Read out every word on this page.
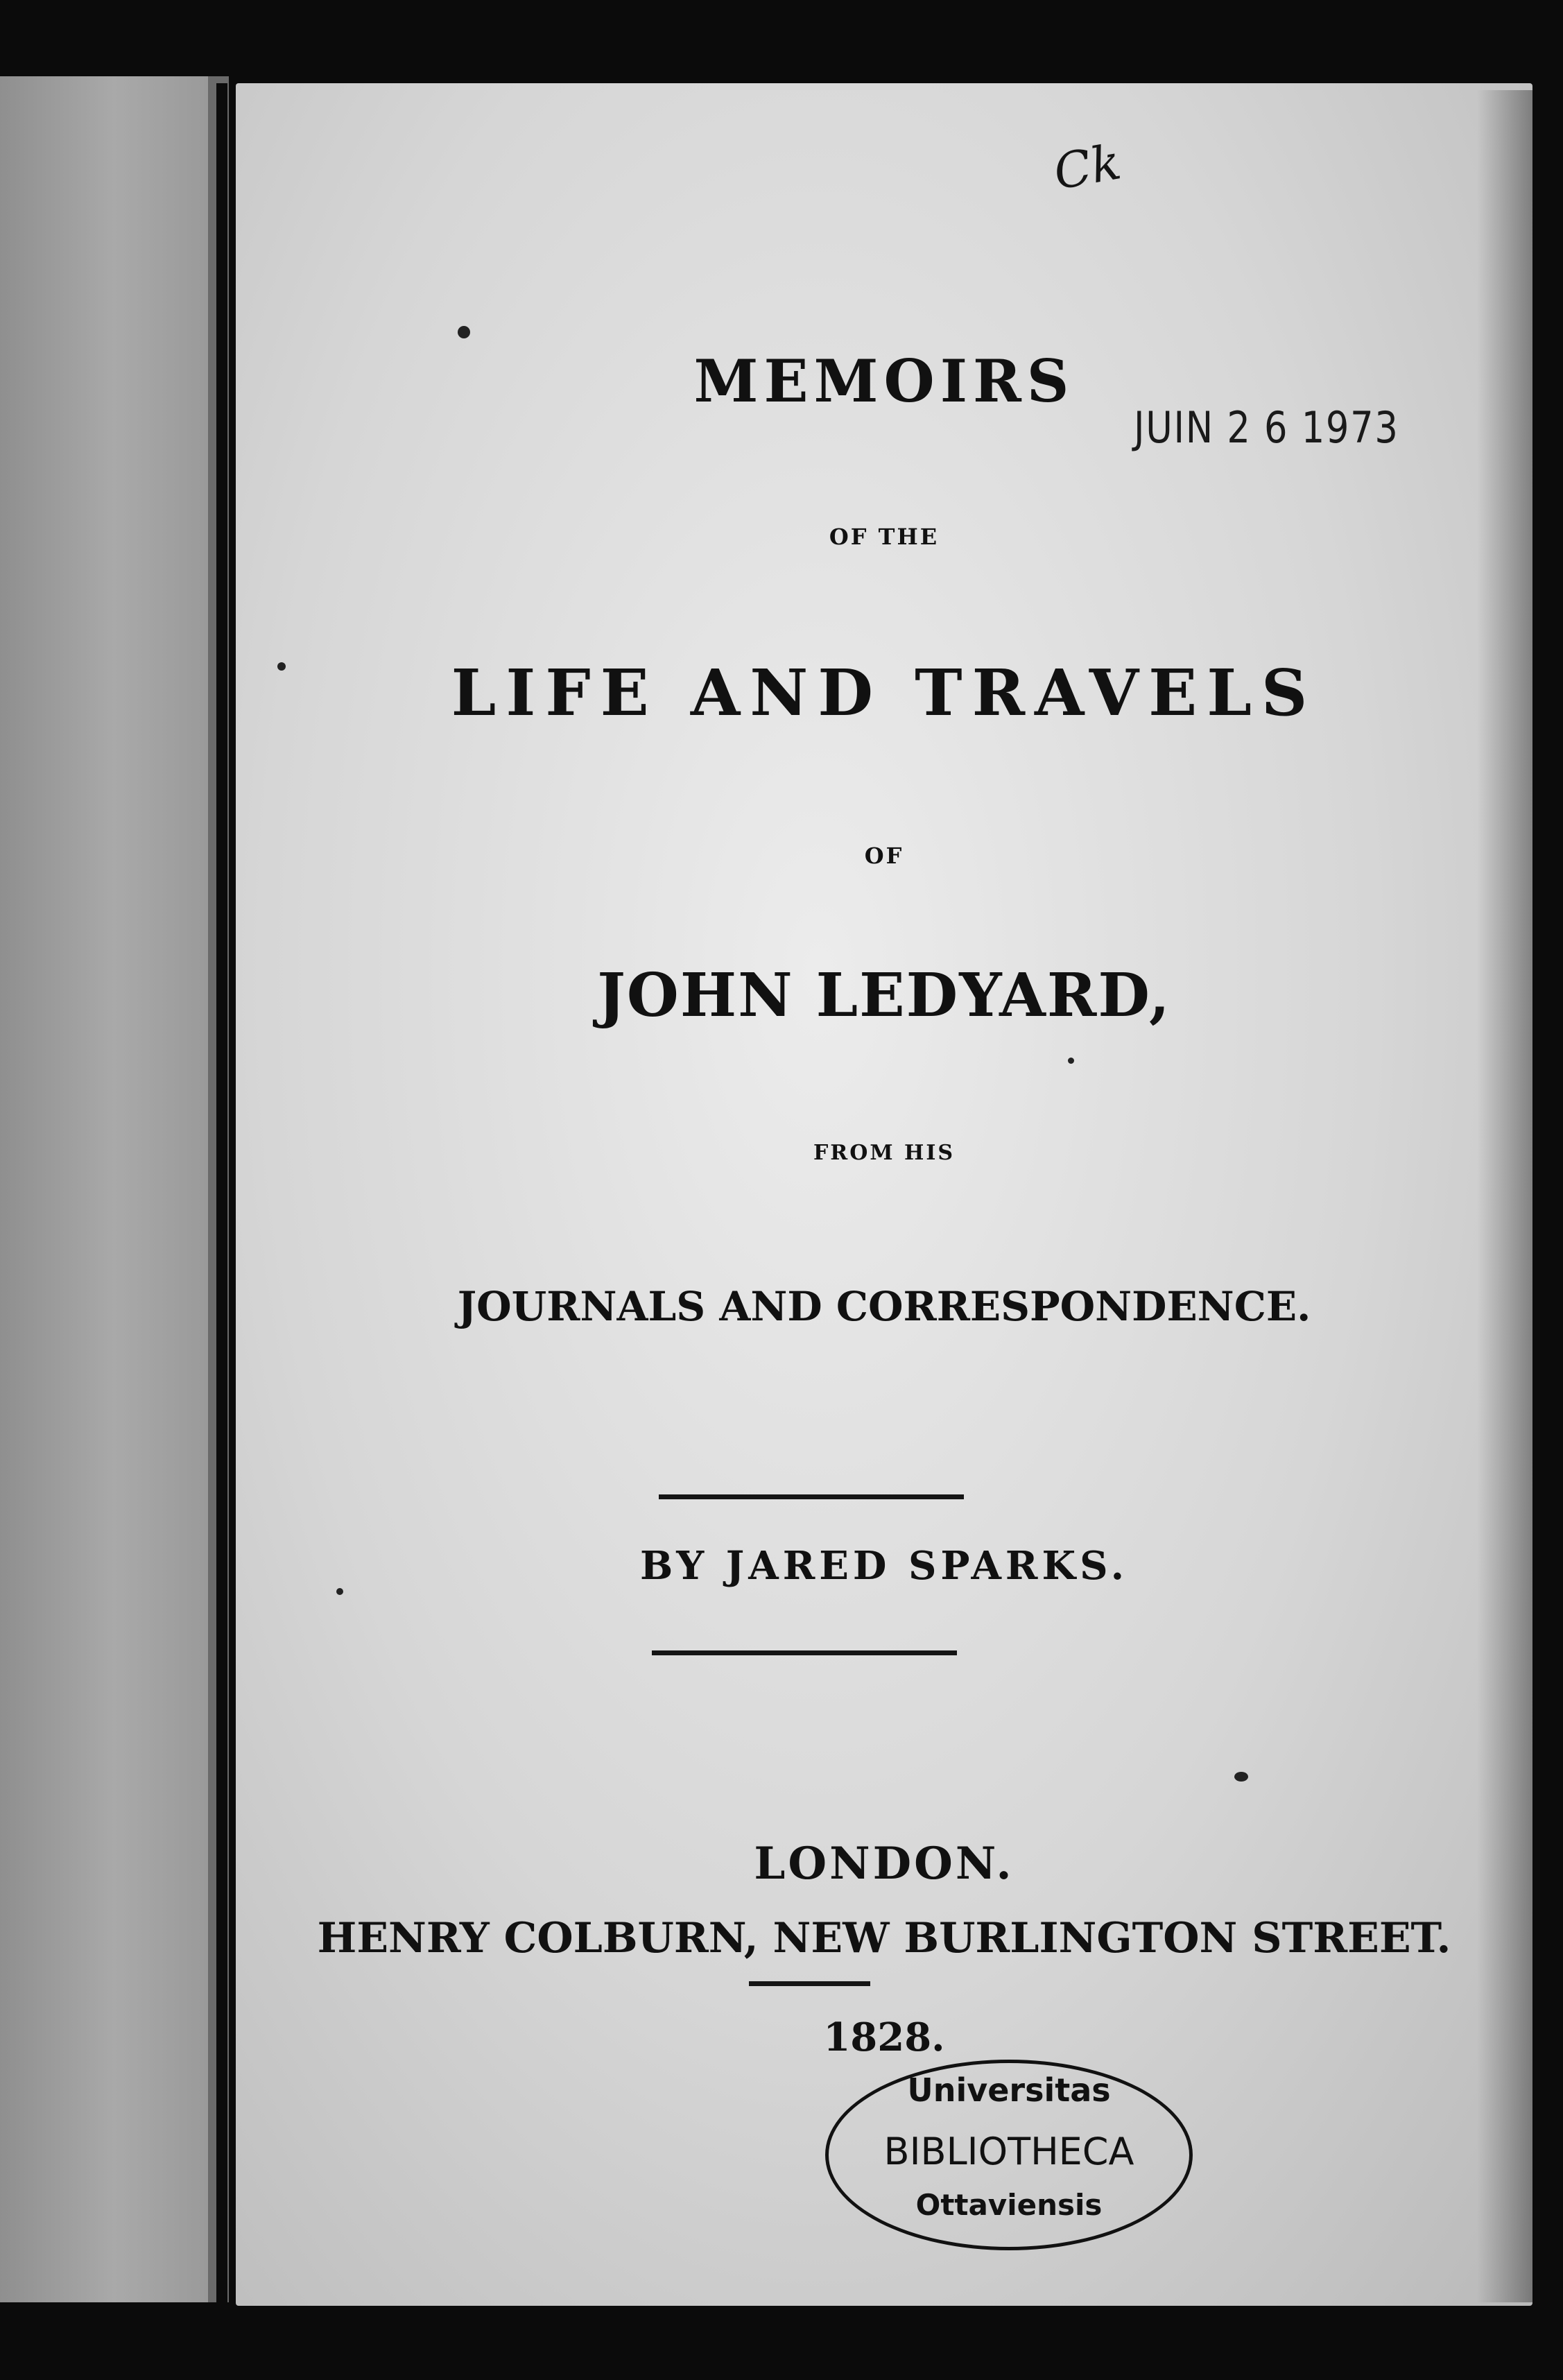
Ck
JUIN 2 6 1973
MEMOIRS
OF THE
LIFE AND TRAVELS
OF
JOHN LEDYARD,
FROM HIS
JOURNALS AND CORRESPONDENCE.
BY JARED SPARKS.
LONDON.
HENRY COLBURN, NEW BURLINGTON STREET.
1828.
Universitas
BIBLIOTHECA
Ottaviensis
